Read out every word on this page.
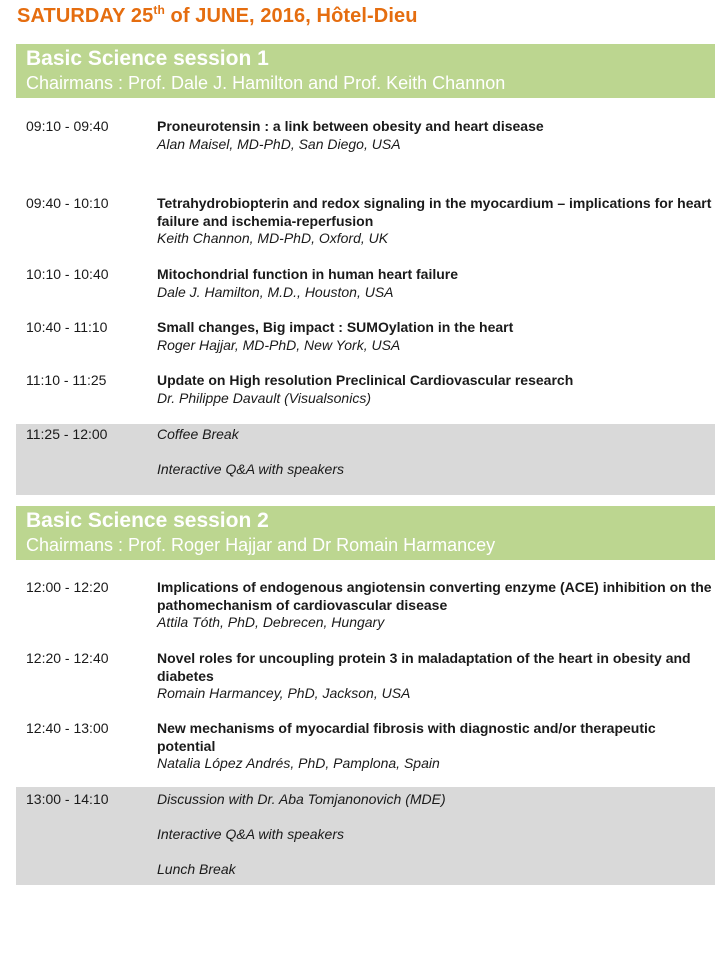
SATURDAY 25th of JUNE, 2016, Hôtel-Dieu
Basic Science session 1
Chairmans : Prof. Dale J. Hamilton and Prof. Keith Channon
09:10 - 09:40	Proneurotensin : a link between obesity and heart disease
Alan Maisel, MD-PhD, San Diego, USA
09:40 - 10:10	Tetrahydrobiopterin and redox signaling in the myocardium – implications for heart failure and ischemia-reperfusion
Keith Channon, MD-PhD, Oxford, UK
10:10 - 10:40	Mitochondrial function in human heart failure
Dale J. Hamilton, M.D., Houston, USA
10:40 - 11:10	Small changes, Big impact : SUMOylation in the heart
Roger Hajjar, MD-PhD, New York, USA
11:10 - 11:25	Update on High resolution Preclinical Cardiovascular research
Dr. Philippe Davault (Visualsonics)
11:25 - 12:00	Coffee Break
Interactive Q&A with speakers
Basic Science session 2
Chairmans : Prof. Roger Hajjar and Dr Romain Harmancey
12:00 - 12:20	Implications of endogenous angiotensin converting enzyme (ACE) inhibition on the pathomechanism of cardiovascular disease
Attila Tóth, PhD, Debrecen, Hungary
12:20 - 12:40	Novel roles for uncoupling protein 3 in maladaptation of the heart in obesity and diabetes
Romain Harmancey, PhD, Jackson, USA
12:40 - 13:00	New mechanisms of myocardial fibrosis with diagnostic and/or therapeutic potential
Natalia López Andrés, PhD, Pamplona, Spain
13:00 - 14:10	Discussion with Dr. Aba Tomjanonovich (MDE)
Interactive Q&A with speakers
Lunch Break
